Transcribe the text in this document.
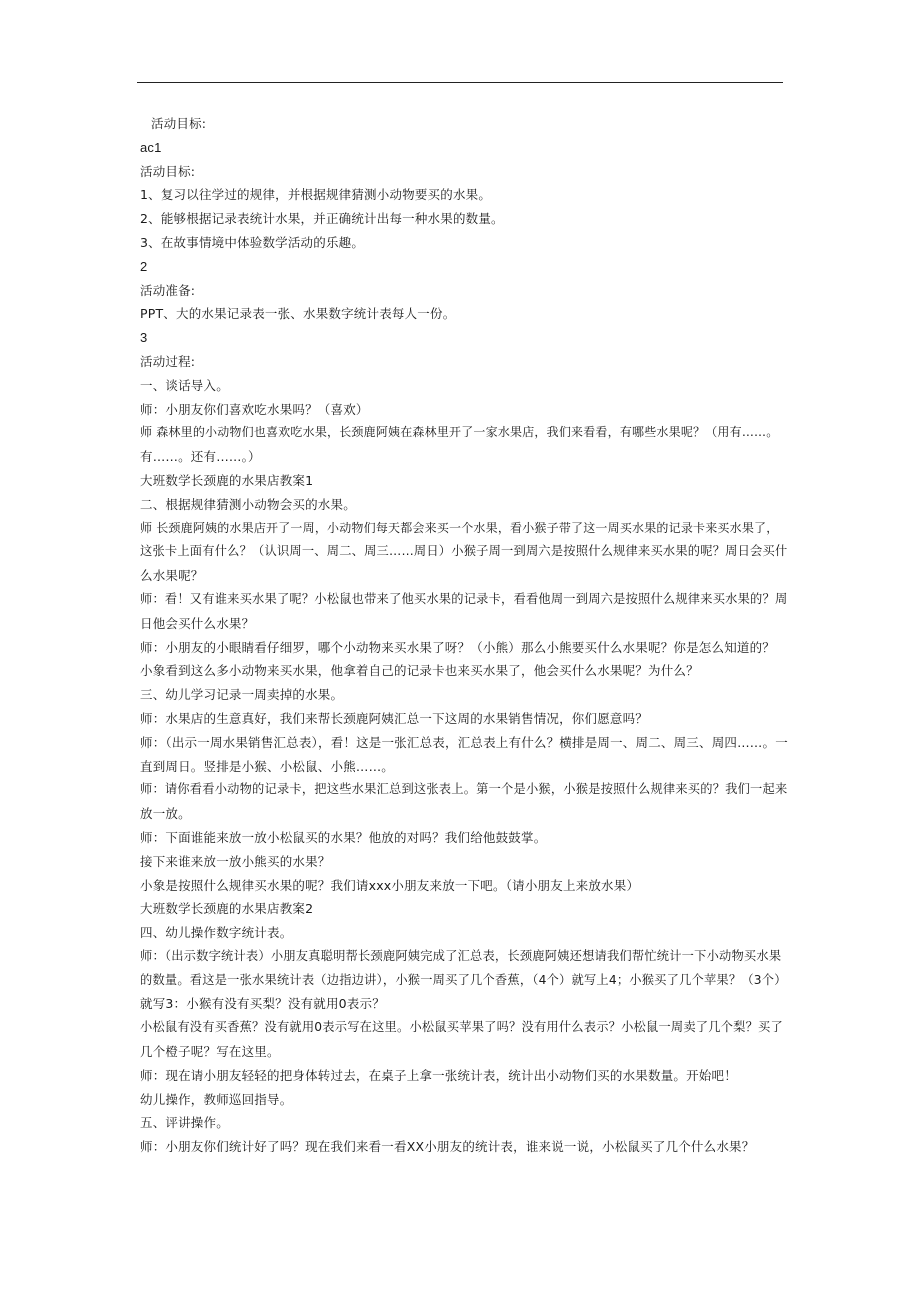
活动目标:
ac1
活动目标:
1、复习以往学过的规律，并根据规律猜测小动物要买的水果。
2、能够根据记录表统计水果，并正确统计出每一种水果的数量。
3、在故事情境中体验数学活动的乐趣。
2
活动准备:
PPT、大的水果记录表一张、水果数字统计表每人一份。
3
活动过程:
一、谈话导入。
师：小朋友你们喜欢吃水果吗？（喜欢）
师 森林里的小动物们也喜欢吃水果，长颈鹿阿姨在森林里开了一家水果店，我们来看看，有哪些水果呢？（用有……。
有……。还有……。）
大班数学长颈鹿的水果店教案1
二、根据规律猜测小动物会买的水果。
师 长颈鹿阿姨的水果店开了一周，小动物们每天都会来买一个水果，看小猴子带了这一周买水果的记录卡来买水果了，
这张卡上面有什么？（认识周一、周二、周三……周日）小猴子周一到周六是按照什么规律来买水果的呢？周日会买什
么水果呢？
师：看！又有谁来买水果了呢？小松鼠也带来了他买水果的记录卡，看看他周一到周六是按照什么规律来买水果的？周
日他会买什么水果？
师：小朋友的小眼睛看仔细罗，哪个小动物来买水果了呀？（小熊）那么小熊要买什么水果呢？你是怎么知道的？
小象看到这么多小动物来买水果，他拿着自己的记录卡也来买水果了，他会买什么水果呢？为什么？
三、幼儿学习记录一周卖掉的水果。
师：水果店的生意真好，我们来帮长颈鹿阿姨汇总一下这周的水果销售情况，你们愿意吗？
师：（出示一周水果销售汇总表），看！这是一张汇总表，汇总表上有什么？横排是周一、周二、周三、周四……。一
直到周日。竖排是小猴、小松鼠、小熊……。
师：请你看看小动物的记录卡，把这些水果汇总到这张表上。第一个是小猴，小猴是按照什么规律来买的？我们一起来
放一放。
师：下面谁能来放一放小松鼠买的水果？他放的对吗？我们给他鼓鼓掌。
接下来谁来放一放小熊买的水果？
小象是按照什么规律买水果的呢？我们请xxx小朋友来放一下吧。（请小朋友上来放水果）
大班数学长颈鹿的水果店教案2
四、幼儿操作数字统计表。
师：（出示数字统计表）小朋友真聪明帮长颈鹿阿姨完成了汇总表，长颈鹿阿姨还想请我们帮忙统计一下小动物买水果
的数量。看这是一张水果统计表（边指边讲），小猴一周买了几个香蕉，（4个）就写上4；小猴买了几个苹果？（3个）
就写3：小猴有没有买梨？没有就用0表示？
小松鼠有没有买香蕉？没有就用0表示写在这里。小松鼠买苹果了吗？没有用什么表示？小松鼠一周卖了几个梨？买了
几个橙子呢？写在这里。
师：现在请小朋友轻轻的把身体转过去，在桌子上拿一张统计表，统计出小动物们买的水果数量。开始吧！
幼儿操作，教师巡回指导。
五、评讲操作。
师：小朋友你们统计好了吗？现在我们来看一看XX小朋友的统计表，谁来说一说，小松鼠买了几个什么水果？
